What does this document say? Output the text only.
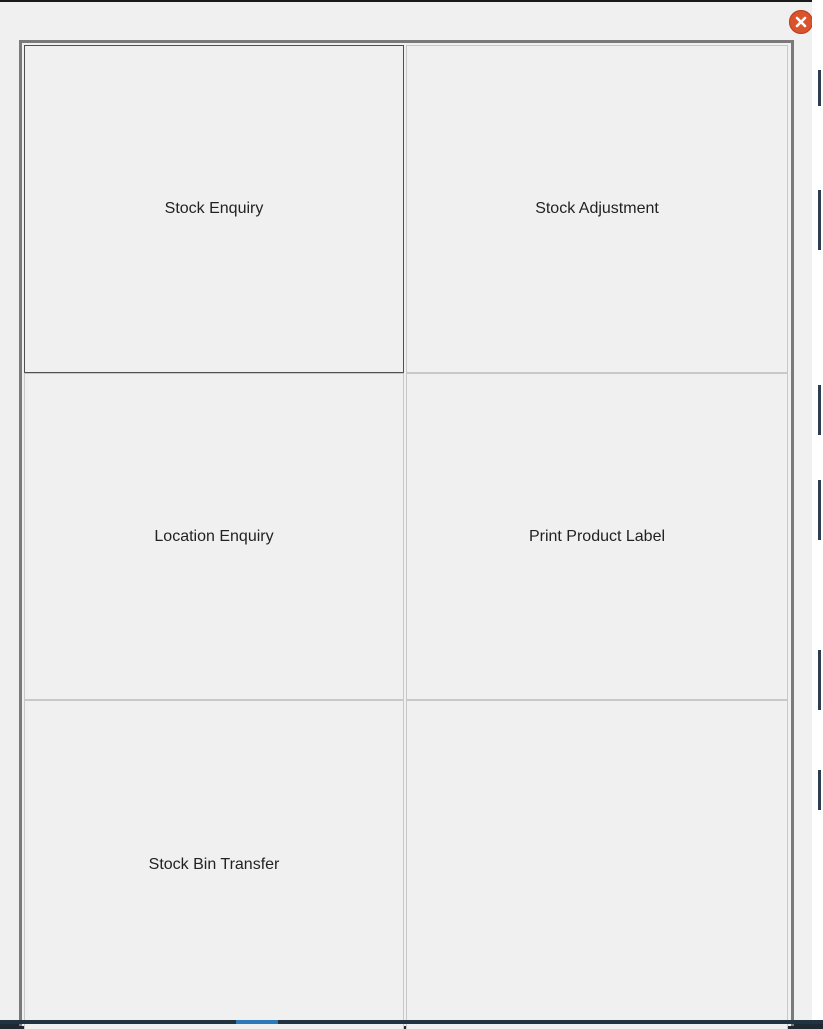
Stock Enquiry	Stock Adjustment
Location Enquiry	Print Product Label
Stock Bin Transfer
